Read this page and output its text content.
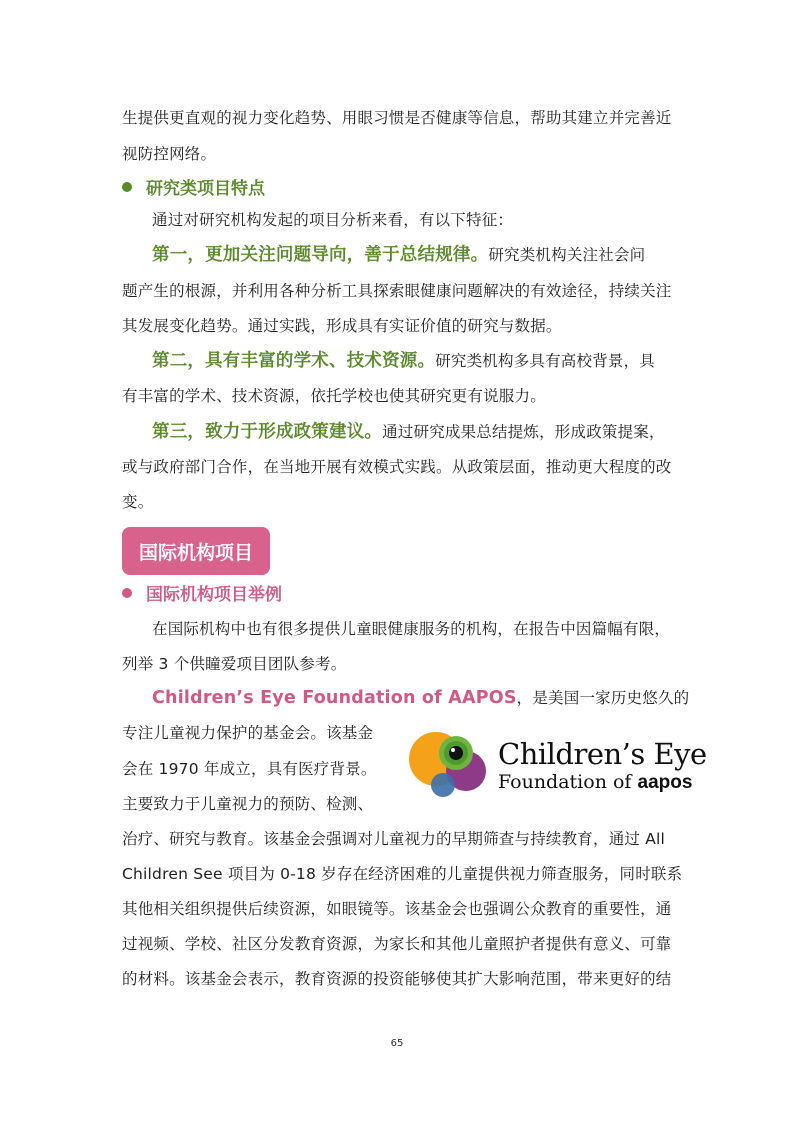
生提供更直观的视力变化趋势、用眼习惯是否健康等信息，帮助其建立并完善近
视防控网络。
研究类项目特点
通过对研究机构发起的项目分析来看，有以下特征：
第一，更加关注问题导向，善于总结规律。研究类机构关注社会问
题产生的根源，并利用各种分析工具探索眼健康问题解决的有效途径，持续关注
其发展变化趋势。通过实践，形成具有实证价值的研究与数据。
第二，具有丰富的学术、技术资源。研究类机构多具有高校背景，具
有丰富的学术、技术资源，依托学校也使其研究更有说服力。
第三，致力于形成政策建议。通过研究成果总结提炼，形成政策提案，
或与政府部门合作，在当地开展有效模式实践。从政策层面，推动更大程度的改
变。
国际机构项目
国际机构项目举例
在国际机构中也有很多提供儿童眼健康服务的机构，在报告中因篇幅有限，
列举 3 个供瞳爱项目团队参考。
Children’s Eye Foundation of AAPOS，是美国一家历史悠久的
专注儿童视力保护的基金会。该基金
会在 1970 年成立，具有医疗背景。
主要致力于儿童视力的预防、检测、
治疗、研究与教育。该基金会强调对儿童视力的早期筛查与持续教育，通过 All
Children See 项目为 0-18 岁存在经济困难的儿童提供视力筛查服务，同时联系
其他相关组织提供后续资源，如眼镜等。该基金会也强调公众教育的重要性，通
过视频、学校、社区分发教育资源，为家长和其他儿童照护者提供有意义、可靠
的材料。该基金会表示，教育资源的投资能够使其扩大影响范围，带来更好的结
Children’s Eye
Foundation of aapos
65
